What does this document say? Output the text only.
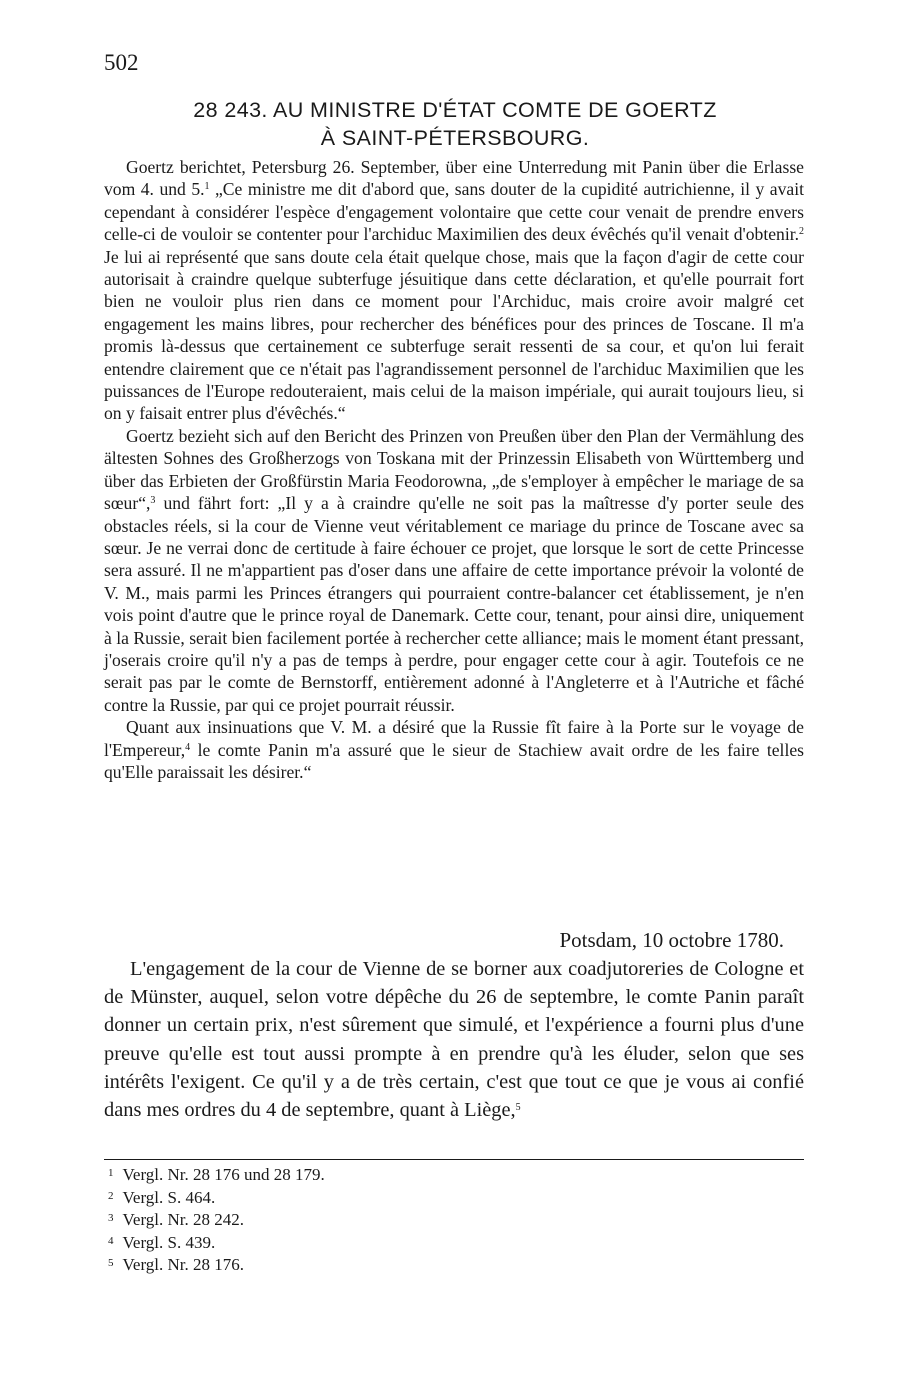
502
28 243. AU MINISTRE D'ÉTAT COMTE DE GOERTZ
À SAINT-PÉTERSBOURG.

Goertz berichtet, Petersburg 26. September, über eine Unterredung mit Panin über die Erlasse vom 4. und 5.$^1$ „Ce ministre me dit d'abord que, sans douter de la cupidité autrichienne, il y avait cependant à considérer l'espèce d'engagement volontaire que cette cour venait de prendre envers celle-ci de vouloir se contenter pour l'archiduc Maximilien des deux évêchés qu'il venait d'obtenir.$^2$ Je lui ai représenté que sans doute cela était quelque chose, mais que la façon d'agir de cette cour autorisait à craindre quelque subterfuge jésuitique dans cette déclaration, et qu'elle pourrait fort bien ne vouloir plus rien dans ce moment pour l'Archiduc, mais croire avoir malgré cet engagement les mains libres, pour rechercher des bénéfices pour des princes de Toscane. Il m'a promis là-dessus que certainement ce subterfuge serait ressenti de sa cour, et qu'on lui ferait entendre clairement que ce n'était pas l'agrandissement personnel de l'archiduc Maximilien que les puissances de l'Europe redouteraient, mais celui de la maison impériale, qui aurait toujours lieu, si on y faisait entrer plus d'évêchés.“

Goertz bezieht sich auf den Bericht des Prinzen von Preußen über den Plan der Vermählung des ältesten Sohnes des Großherzogs von Toskana mit der Prinzessin Elisabeth von Württemberg und über das Erbieten der Großfürstin Maria Feodorowna, „de s'employer à empêcher le mariage de sa sœur“,$^3$ und fährt fort: „Il y a à craindre qu'elle ne soit pas la maîtresse d'y porter seule des obstacles réels, si la cour de Vienne veut véritablement ce mariage du prince de Toscane avec sa sœur. Je ne verrai donc de certitude à faire échouer ce projet, que lorsque le sort de cette Princesse sera assuré. Il ne m'appartient pas d'oser dans une affaire de cette importance prévoir la volonté de V. M., mais parmi les Princes étrangers qui pourraient contre-balancer cet établissement, je n'en vois point d'autre que le prince royal de Danemark. Cette cour, tenant, pour ainsi dire, uniquement à la Russie, serait bien facilement portée à rechercher cette alliance; mais le moment étant pressant, j'oserais croire qu'il n'y a pas de temps à perdre, pour engager cette cour à agir. Toutefois ce ne serait pas par le comte de Bernstorff, entièrement adonné à l'Angleterre et à l'Autriche et fâché contre la Russie, par qui ce projet pourrait réussir.

Quant aux insinuations que V. M. a désiré que la Russie fît faire à la Porte sur le voyage de l'Empereur,$^4$ le comte Panin m'a assuré que le sieur de Stachiew avait ordre de les faire telles qu'Elle paraissait les désirer.“

Potsdam, 10 octobre 1780.

L'engagement de la cour de Vienne de se borner aux coadjutoreries de Cologne et de Münster, auquel, selon votre dépêche du 26 de septembre, le comte Panin paraît donner un certain prix, n'est sûrement que simulé, et l'expérience a fourni plus d'une preuve qu'elle est tout aussi prompte à en prendre qu'à les éluder, selon que ses intérêts l'exigent. Ce qu'il y a de très certain, c'est que tout ce que je vous ai confié dans mes ordres du 4 de septembre, quant à Liège,$^5$

$^1$ Vergl. Nr. 28 176 und 28 179.
$^2$ Vergl. S. 464.
$^3$ Vergl. Nr. 28 242.
$^4$ Vergl. S. 439.
$^5$ Vergl. Nr. 28 176.
